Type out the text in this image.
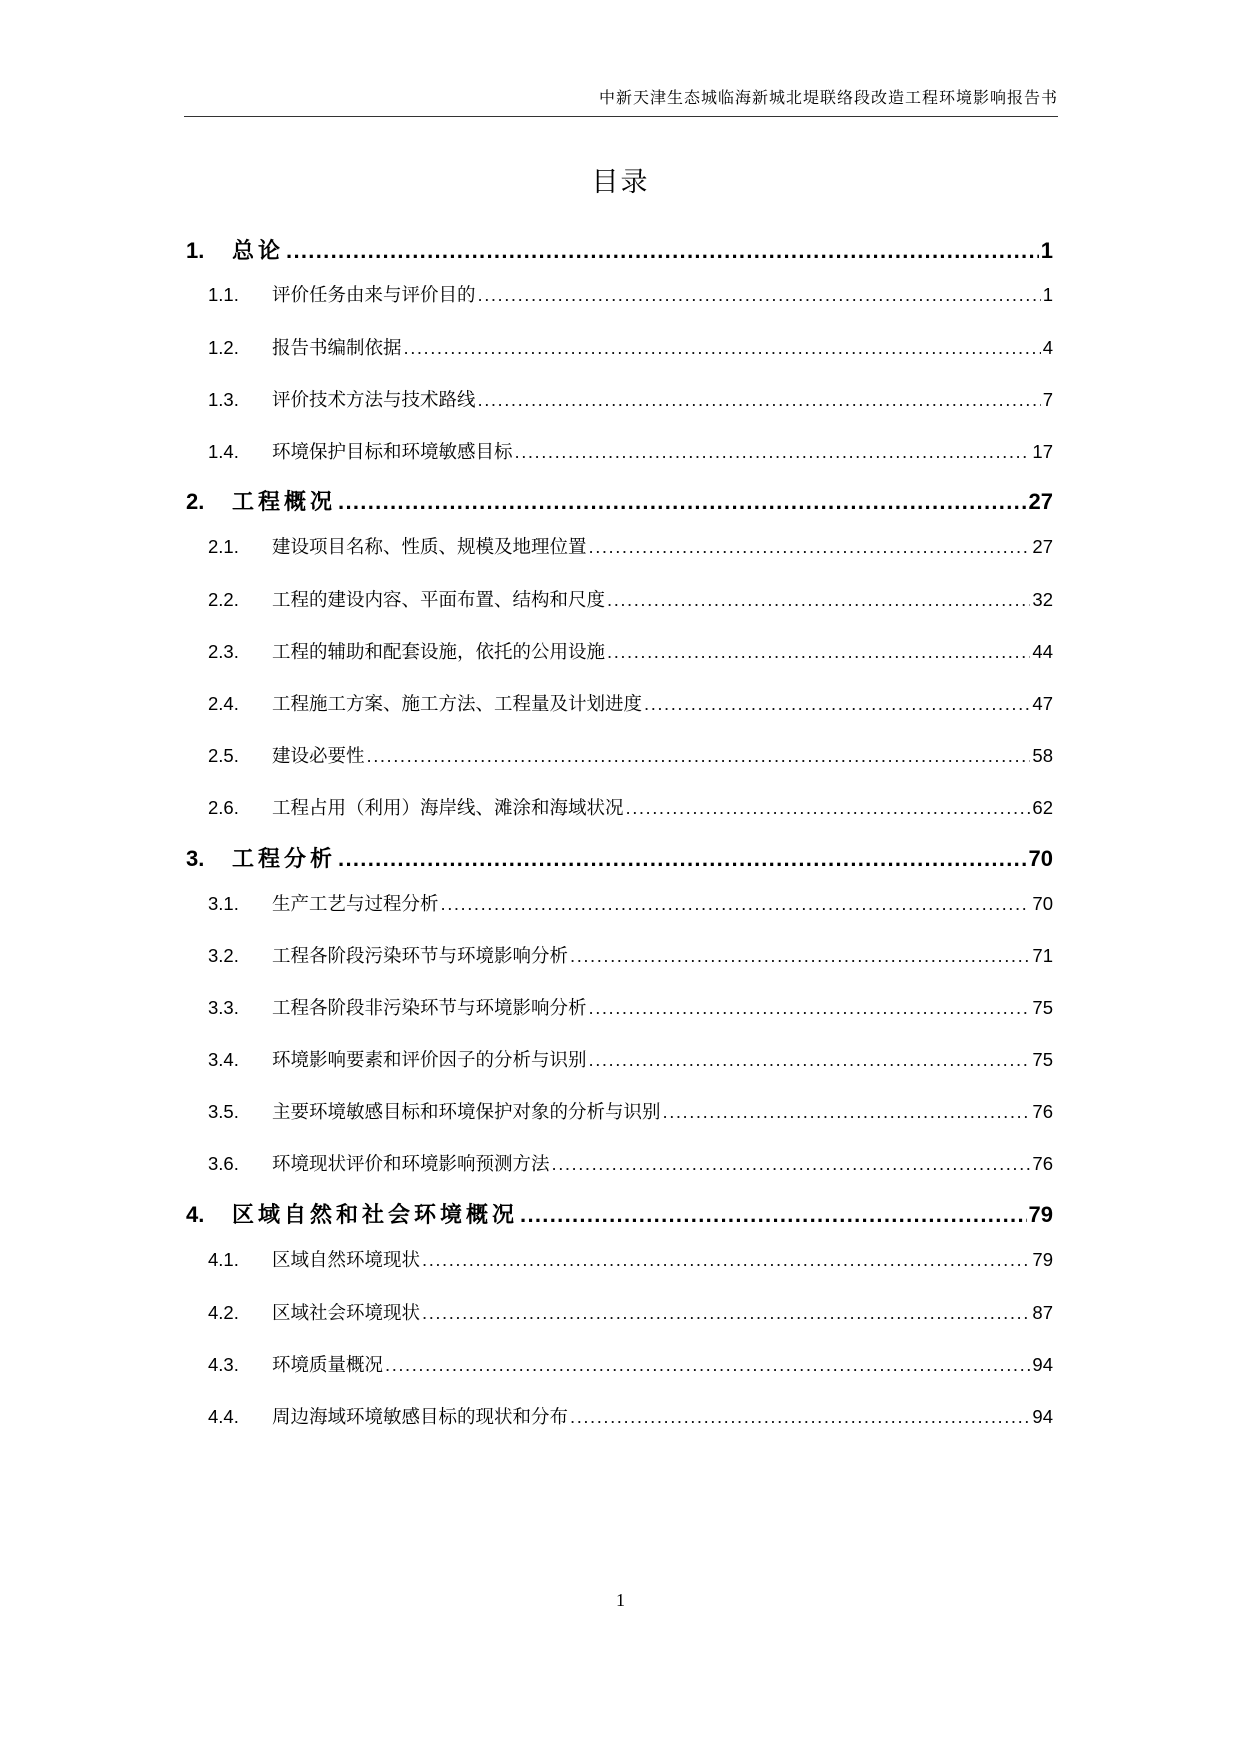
中新天津生态城临海新城北堤联络段改造工程环境影响报告书
目录
1.	总论 . . .	1
1.1.	评价任务由来与评价目的 . . .	1
1.2.	报告书编制依据 . . .	4
1.3.	评价技术方法与技术路线 . . .	7
1.4.	环境保护目标和环境敏感目标 . . .	17
2.	工程概况 . . .	27
2.1.	建设项目名称、性质、规模及地理位置 . . .	27
2.2.	工程的建设内容、平面布置、结构和尺度 . . .	32
2.3.	工程的辅助和配套设施，依托的公用设施 . . .	44
2.4.	工程施工方案、施工方法、工程量及计划进度 . . .	47
2.5.	建设必要性 . . .	58
2.6.	工程占用（利用）海岸线、滩涂和海域状况 . . .	62
3.	工程分析 . . .	70
3.1.	生产工艺与过程分析 . . .	70
3.2.	工程各阶段污染环节与环境影响分析 . . .	71
3.3.	工程各阶段非污染环节与环境影响分析 . . .	75
3.4.	环境影响要素和评价因子的分析与识别 . . .	75
3.5.	主要环境敏感目标和环境保护对象的分析与识别 . . .	76
3.6.	环境现状评价和环境影响预测方法 . . .	76
4.	区域自然和社会环境概况 . . .	79
4.1.	区域自然环境现状 . . .	79
4.2.	区域社会环境现状 . . .	87
4.3.	环境质量概况 . . .	94
4.4.	周边海域环境敏感目标的现状和分布 . . .	94
1
